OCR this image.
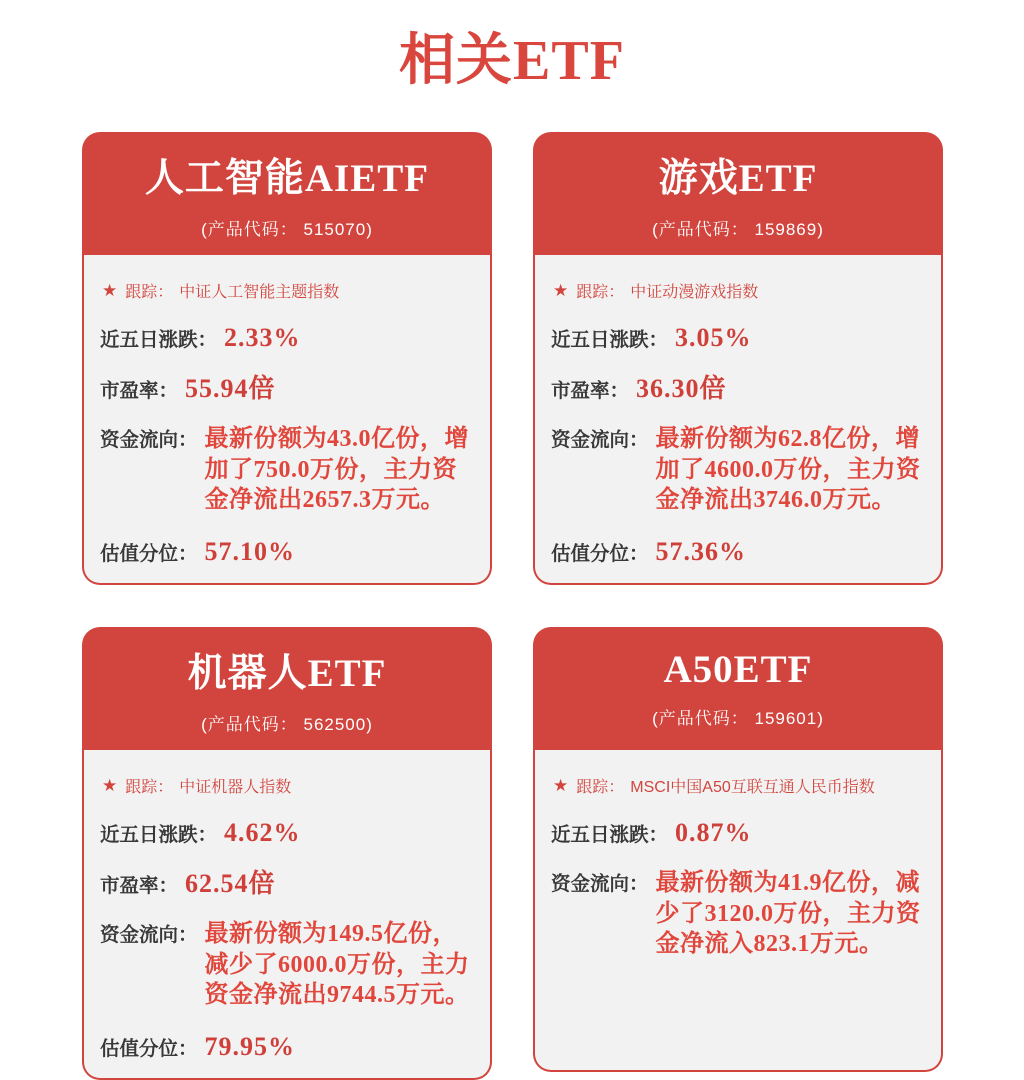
相关ETF
人工智能AIETF
(产品代码： 515070)
★ 跟踪： 中证人工智能主题指数
近五日涨跌： 2.33%
市盈率： 55.94倍
资金流向： 最新份额为43.0亿份，增加了750.0万份，主力资金净流出2657.3万元。
估值分位： 57.10%
游戏ETF
(产品代码： 159869)
★ 跟踪： 中证动漫游戏指数
近五日涨跌： 3.05%
市盈率： 36.30倍
资金流向： 最新份额为62.8亿份，增加了4600.0万份，主力资金净流出3746.0万元。
估值分位： 57.36%
机器人ETF
(产品代码： 562500)
★ 跟踪： 中证机器人指数
近五日涨跌： 4.62%
市盈率： 62.54倍
资金流向： 最新份额为149.5亿份，减少了6000.0万份，主力资金净流出9744.5万元。
估值分位： 79.95%
A50ETF
(产品代码： 159601)
★ 跟踪： MSCI中国A50互联互通人民币指数
近五日涨跌： 0.87%
资金流向： 最新份额为41.9亿份，减少了3120.0万份，主力资金净流入823.1万元。
